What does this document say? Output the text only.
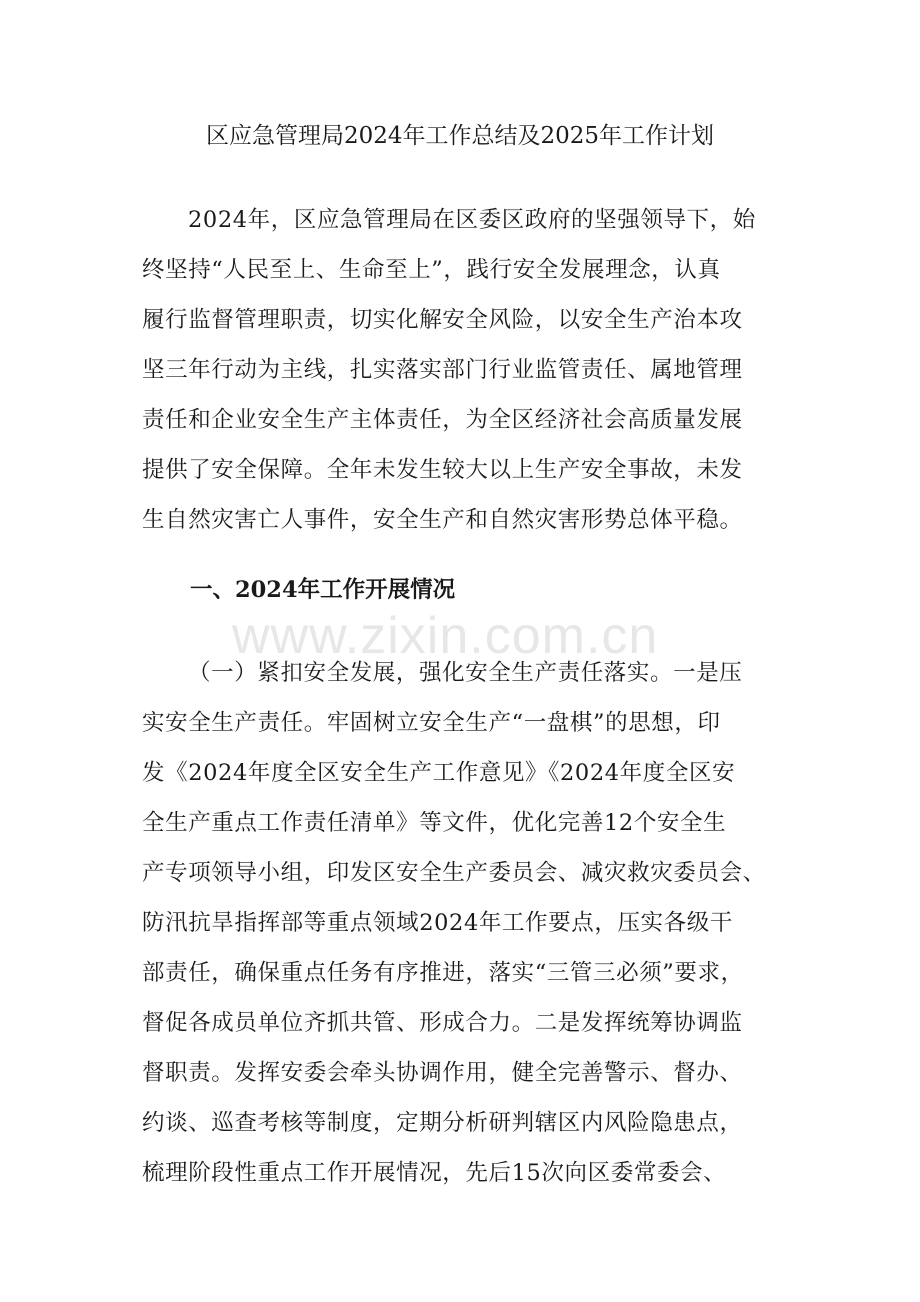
区应急管理局2024年工作总结及2025年工作计划
2024年，区应急管理局在区委区政府的坚强领导下，始
终坚持“人民至上、生命至上”，践行安全发展理念，认真
履行监督管理职责，切实化解安全风险，以安全生产治本攻
坚三年行动为主线，扎实落实部门行业监管责任、属地管理
责任和企业安全生产主体责任，为全区经济社会高质量发展
提供了安全保障。全年未发生较大以上生产安全事故，未发
生自然灾害亡人事件，安全生产和自然灾害形势总体平稳。
一、2024年工作开展情况
www.zixin.com.cn
（一）紧扣安全发展，强化安全生产责任落实。一是压
实安全生产责任。牢固树立安全生产“一盘棋”的思想，印
发《2024年度全区安全生产工作意见》《2024年度全区安
全生产重点工作责任清单》等文件，优化完善12个安全生
产专项领导小组，印发区安全生产委员会、减灾救灾委员会、
防汛抗旱指挥部等重点领域2024年工作要点，压实各级干
部责任，确保重点任务有序推进，落实“三管三必须”要求，
督促各成员单位齐抓共管、形成合力。二是发挥统筹协调监
督职责。发挥安委会牵头协调作用，健全完善警示、督办、
约谈、巡查考核等制度，定期分析研判辖区内风险隐患点，
梳理阶段性重点工作开展情况，先后15次向区委常委会、
